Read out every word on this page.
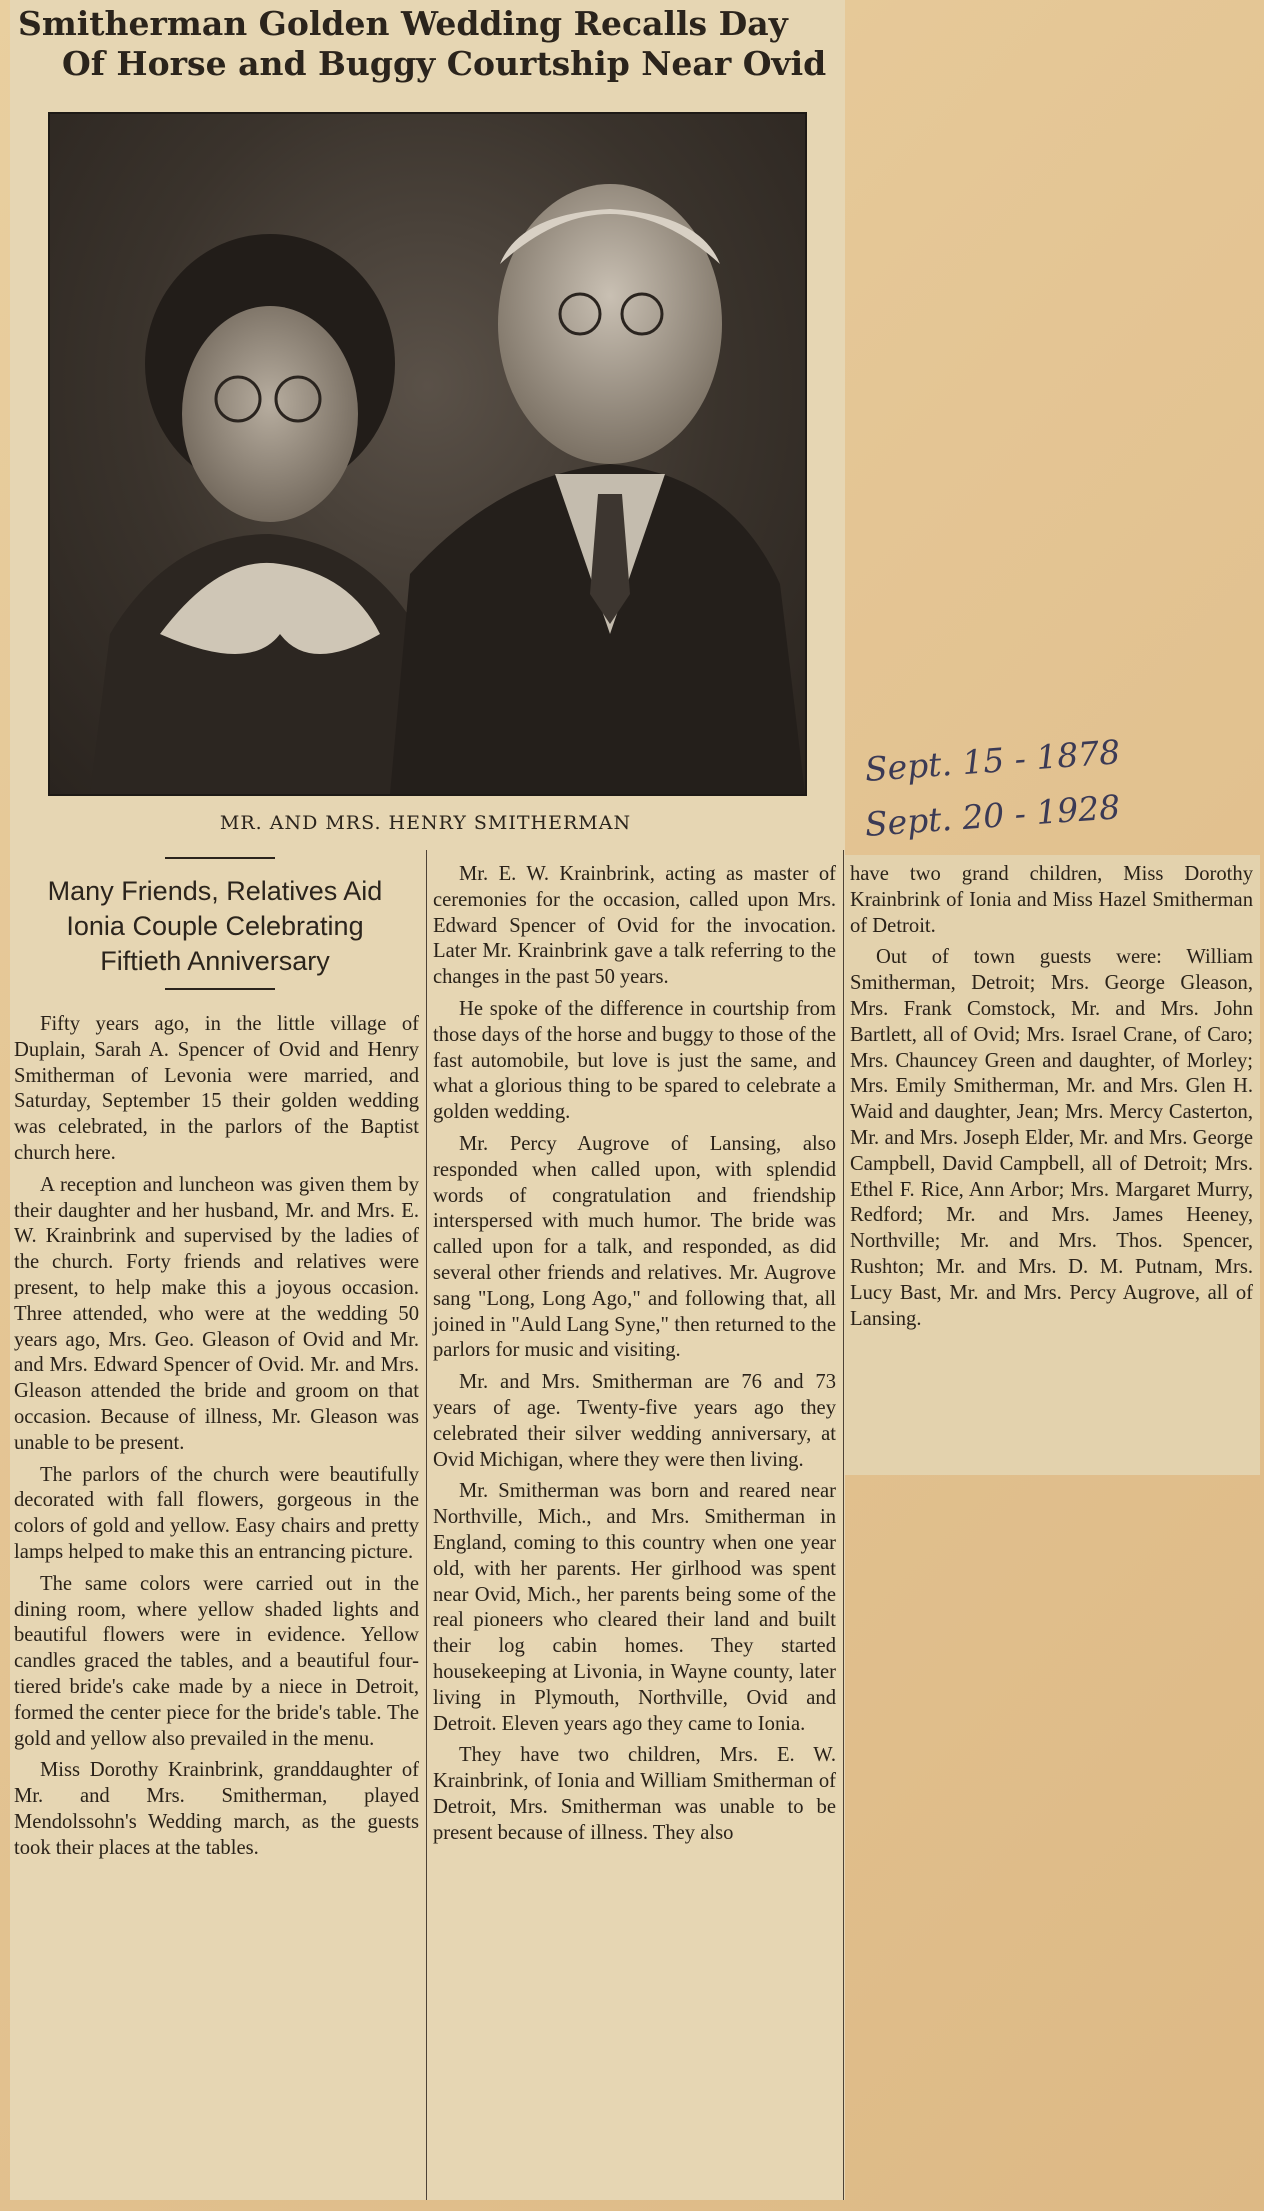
Smitherman Golden Wedding Recalls Day
Of Horse and Buggy Courtship Near Ovid
MR. AND MRS. HENRY SMITHERMAN
Many Friends, Relatives Aid
Ionia Couple Celebrating
Fiftieth Anniversary

Fifty years ago, in the little village of Duplain, Sarah A. Spencer of Ovid and Henry Smitherman of Levonia were married, and Saturday, September 15 their golden wedding was celebrated, in the parlors of the Baptist church here.

A reception and luncheon was given them by their daughter and her husband, Mr. and Mrs. E. W. Krainbrink and supervised by the ladies of the church. Forty friends and relatives were present, to help make this a joyous occasion. Three attended, who were at the wedding 50 years ago, Mrs. Geo. Gleason of Ovid and Mr. and Mrs. Edward Spencer of Ovid. Mr. and Mrs. Gleason attended the bride and groom on that occasion. Because of illness, Mr. Gleason was unable to be present.

The parlors of the church were beautifully decorated with fall flowers, gorgeous in the colors of gold and yellow. Easy chairs and pretty lamps helped to make this an entrancing picture.

The same colors were carried out in the dining room, where yellow shaded lights and beautiful flowers were in evidence. Yellow candles graced the tables, and a beautiful four-tiered bride's cake made by a niece in Detroit, formed the center piece for the bride's table. The gold and yellow also prevailed in the menu.

Miss Dorothy Krainbrink, granddaughter of Mr. and Mrs. Smitherman, played Mendolssohn's Wedding march, as the guests took their places at the tables.

Mr. E. W. Krainbrink, acting as master of ceremonies for the occasion, called upon Mrs. Edward Spencer of Ovid for the invocation. Later Mr. Krainbrink gave a talk referring to the changes in the past 50 years.

He spoke of the difference in courtship from those days of the horse and buggy to those of the fast automobile, but love is just the same, and what a glorious thing to be spared to celebrate a golden wedding.

Mr. Percy Augrove of Lansing, also responded when called upon, with splendid words of congratulation and friendship interspersed with much humor. The bride was called upon for a talk, and responded, as did several other friends and relatives. Mr. Augrove sang "Long, Long Ago," and following that, all joined in "Auld Lang Syne," then returned to the parlors for music and visiting.

Mr. and Mrs. Smitherman are 76 and 73 years of age. Twenty-five years ago they celebrated their silver wedding anniversary, at Ovid Michigan, where they were then living.

Mr. Smitherman was born and reared near Northville, Mich., and Mrs. Smitherman in England, coming to this country when one year old, with her parents. Her girlhood was spent near Ovid, Mich., her parents being some of the real pioneers who cleared their land and built their log cabin homes. They started housekeeping at Livonia, in Wayne county, later living in Plymouth, Northville, Ovid and Detroit. Eleven years ago they came to Ionia.

They have two children, Mrs. E. W. Krainbrink, of Ionia and William Smitherman of Detroit, Mrs. Smitherman was unable to be present because of illness. They also

have two grand children, Miss Dorothy Krainbrink of Ionia and Miss Hazel Smitherman of Detroit.

Out of town guests were: William Smitherman, Detroit; Mrs. George Gleason, Mrs. Frank Comstock, Mr. and Mrs. John Bartlett, all of Ovid; Mrs. Israel Crane, of Caro; Mrs. Chauncey Green and daughter, of Morley; Mrs. Emily Smitherman, Mr. and Mrs. Glen H. Waid and daughter, Jean; Mrs. Mercy Casterton, Mr. and Mrs. Joseph Elder, Mr. and Mrs. George Campbell, David Campbell, all of Detroit; Mrs. Ethel F. Rice, Ann Arbor; Mrs. Margaret Murry, Redford; Mr. and Mrs. James Heeney, Northville; Mr. and Mrs. Thos. Spencer, Rushton; Mr. and Mrs. D. M. Putnam, Mrs. Lucy Bast, Mr. and Mrs. Percy Augrove, all of Lansing.

Sept. 15 - 1878
Sept. 20 - 1928
